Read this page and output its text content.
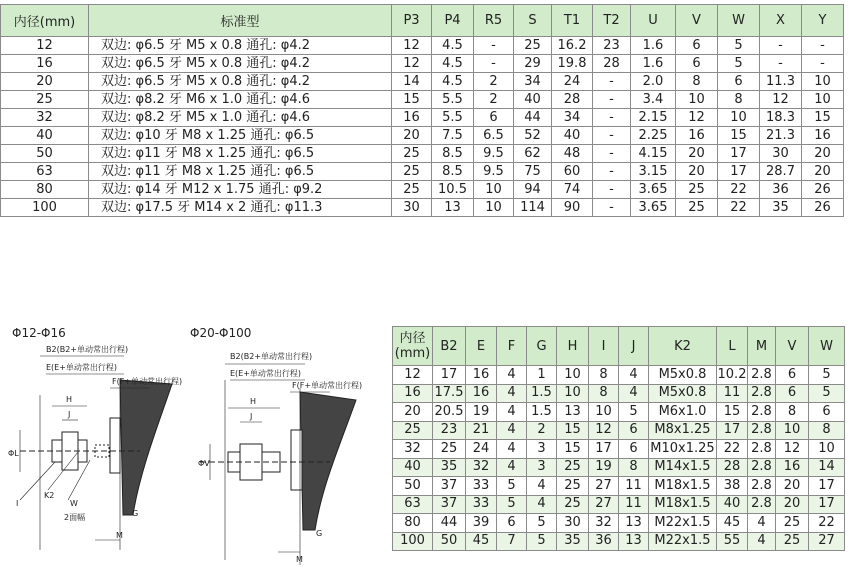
内径(mm)	标准型	P3	P4	R5	S	T1	T2	U	V	W	X	Y
12	双边: φ6.5 牙 M5 x 0.8 通孔: φ4.2	12	4.5	-	25	16.2	23	1.6	6	5	-	-
16	双边: φ6.5 牙 M5 x 0.8 通孔: φ4.2	12	4.5	-	29	19.8	28	1.6	6	5	-	-
20	双边: φ6.5 牙 M5 x 0.8 通孔: φ4.2	14	4.5	2	34	24	-	2.0	8	6	11.3	10
25	双边: φ8.2 牙 M6 x 1.0 通孔: φ4.6	15	5.5	2	40	28	-	3.4	10	8	12	10
32	双边: φ8.2 牙 M5 x 1.0 通孔: φ4.6	16	5.5	6	44	34	-	2.15	12	10	18.3	15
40	双边: φ10 牙 M8 x 1.25 通孔: φ6.5	20	7.5	6.5	52	40	-	2.25	16	15	21.3	16
50	双边: φ11 牙 M8 x 1.25 通孔: φ6.5	25	8.5	9.5	62	48	-	4.15	20	17	30	20
63	双边: φ11 牙 M8 x 1.25 通孔: φ6.5	25	8.5	9.5	75	60	-	3.15	20	17	28.7	20
80	双边: φ14 牙 M12 x 1.75 通孔: φ9.2	25	10.5	10	94	74	-	3.65	25	22	36	26
100	双边: φ17.5 牙 M14 x 2 通孔: φ11.3	30	13	10	114	90	-	3.65	25	22	35	26
Φ12-Φ16	Φ20-Φ100
B2(B2+单动常出行程)
E(E+单动常出行程)
F(F+单动常出行程)
H
J
ΦL
I
K2
W
2面幅	G
M
B2(B2+单动常出行程)
E(E+单动常出行程)
F(F+单动常出行程)
H
J
ΦV
G
M
内径
(mm)	B2	E	F	G	H	I	J	K2	L	M	V	W
12	17	16	4	1	10	8	4	M5x0.8	10.2	2.8	6	5
16	17.5	16	4	1.5	10	8	4	M5x0.8	11	2.8	6	5
20	20.5	19	4	1.5	13	10	5	M6x1.0	15	2.8	8	6
25	23	21	4	2	15	12	6	M8x1.25	17	2.8	10	8
32	25	24	4	3	15	17	6	M10x1.25	22	2.8	12	10
40	35	32	4	3	25	19	8	M14x1.5	28	2.8	16	14
50	37	33	5	4	25	27	11	M18x1.5	38	2.8	20	17
63	37	33	5	4	25	27	11	M18x1.5	40	2.8	20	17
80	44	39	6	5	30	32	13	M22x1.5	45	4	25	22
100	50	45	7	5	35	36	13	M22x1.5	55	4	25	27
